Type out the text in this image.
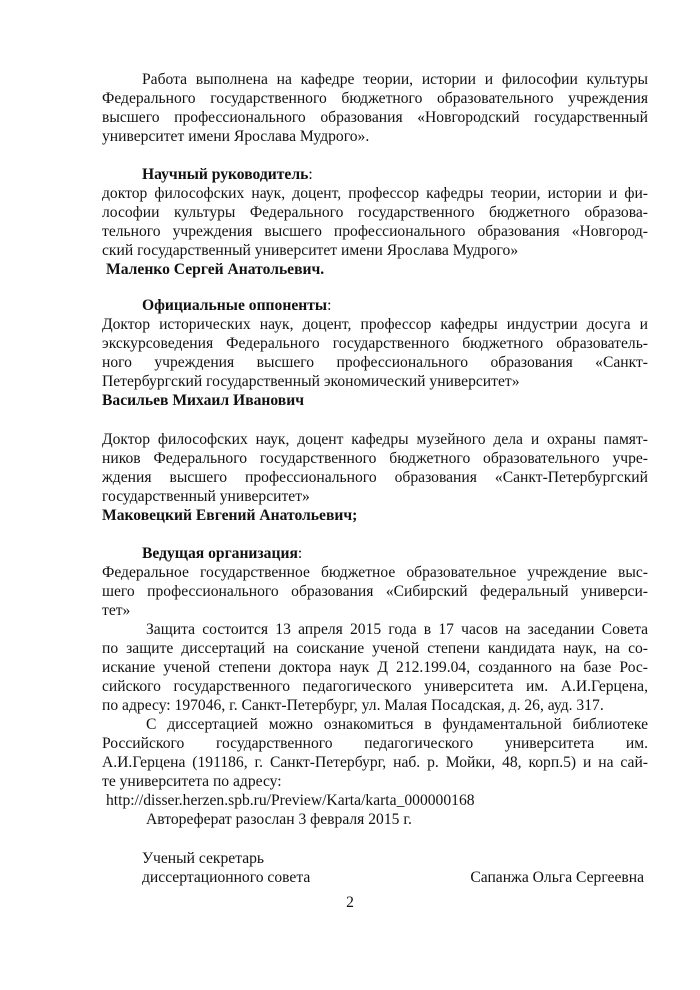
Работа выполнена на кафедре теории, истории и философии культуры
Федерального государственного бюджетного образовательного учреждения
высшего профессионального образования «Новгородский государственный
университет имени Ярослава Мудрого».
Научный руководитель:
доктор философских наук, доцент, профессор кафедры теории, истории и фи-
лософии культуры Федерального государственного бюджетного образова-
тельного учреждения высшего профессионального образования «Новгород-
ский государственный университет имени Ярослава Мудрого»
Маленко Сергей Анатольевич.
Официальные оппоненты:
Доктор исторических наук, доцент, профессор кафедры индустрии досуга и
экскурсоведения Федерального государственного бюджетного образователь-
ного учреждения высшего профессионального образования «Санкт-
Петербургский государственный экономический университет»
Васильев Михаил Иванович
Доктор философских наук, доцент кафедры музейного дела и охраны памят-
ников Федерального государственного бюджетного образовательного учре-
ждения высшего профессионального образования «Санкт-Петербургский
государственный университет»
Маковецкий Евгений Анатольевич;
Ведущая организация:
Федеральное государственное бюджетное образовательное учреждение выс-
шего профессионального образования «Сибирский федеральный универси-
тет»
Защита состоится 13 апреля 2015 года в 17 часов на заседании Совета
по защите диссертаций на соискание ученой степени кандидата наук, на со-
искание ученой степени доктора наук Д 212.199.04, созданного на базе Рос-
сийского государственного педагогического университета им. А.И.Герцена,
по адресу: 197046, г. Санкт-Петербург, ул. Малая Посадская, д. 26, ауд. 317.
С диссертацией можно ознакомиться в фундаментальной библиотеке
Российского государственного педагогического университета им.
А.И.Герцена (191186, г. Санкт-Петербург, наб. р. Мойки, 48, корп.5) и на сай-
те университета по адресу:
http://disser.herzen.spb.ru/Preview/Karta/karta_000000168
Автореферат разослан 3 февраля 2015 г.
Ученый секретарь
диссертационного совета	Сапанжа Ольга Сергеевна
2
